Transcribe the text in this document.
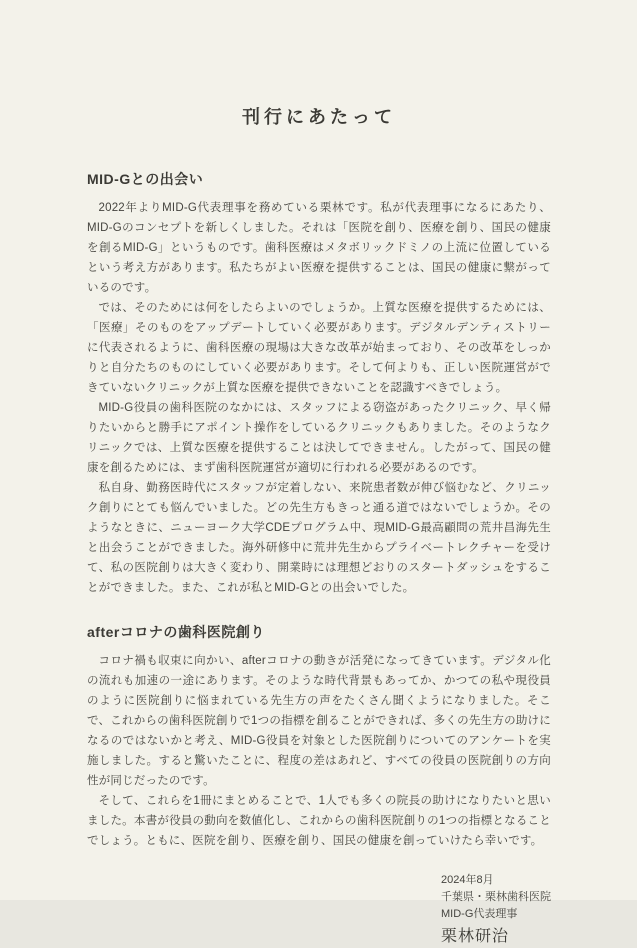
刊行にあたって
MID-Gとの出会い

2022年よりMID-G代表理事を務めている栗林です。私が代表理事になるにあたり、MID-Gのコンセプトを新しくしました。それは「医院を創り、医療を創り、国民の健康を創るMID-G」というものです。歯科医療はメタボリックドミノの上流に位置しているという考え方があります。私たちがよい医療を提供することは、国民の健康に繋がっているのです。

では、そのためには何をしたらよいのでしょうか。上質な医療を提供するためには、「医療」そのものをアップデートしていく必要があります。デジタルデンティストリーに代表されるように、歯科医療の現場は大きな改革が始まっており、その改革をしっかりと自分たちのものにしていく必要があります。そして何よりも、正しい医院運営ができていないクリニックが上質な医療を提供できないことを認識すべきでしょう。

MID-G役員の歯科医院のなかには、スタッフによる窃盗があったクリニック、早く帰りたいからと勝手にアポイント操作をしているクリニックもありました。そのようなクリニックでは、上質な医療を提供することは決してできません。したがって、国民の健康を創るためには、まず歯科医院運営が適切に行われる必要があるのです。

私自身、勤務医時代にスタッフが定着しない、来院患者数が伸び悩むなど、クリニック創りにとても悩んでいました。どの先生方もきっと通る道ではないでしょうか。そのようなときに、ニューヨーク大学CDEプログラム中、現MID-G最高顧問の荒井昌海先生と出会うことができました。海外研修中に荒井先生からプライベートレクチャーを受けて、私の医院創りは大きく変わり、開業時には理想どおりのスタートダッシュをすることができました。また、これが私とMID-Gとの出会いでした。

afterコロナの歯科医院創り

コロナ禍も収束に向かい、afterコロナの動きが活発になってきています。デジタル化の流れも加速の一途にあります。そのような時代背景もあってか、かつての私や現役員のように医院創りに悩まれている先生方の声をたくさん聞くようになりました。そこで、これからの歯科医院創りで1つの指標を創ることができれば、多くの先生方の助けになるのではないかと考え、MID-G役員を対象とした医院創りについてのアンケートを実施しました。すると驚いたことに、程度の差はあれど、すべての役員の医院創りの方向性が同じだったのです。

そして、これらを1冊にまとめることで、1人でも多くの院長の助けになりたいと思いました。本書が役員の動向を数値化し、これからの歯科医院創りの1つの指標となることでしょう。ともに、医院を創り、医療を創り、国民の健康を創っていけたら幸いです。

2024年8月
千葉県・栗林歯科医院
MID-G代表理事
栗林研治
